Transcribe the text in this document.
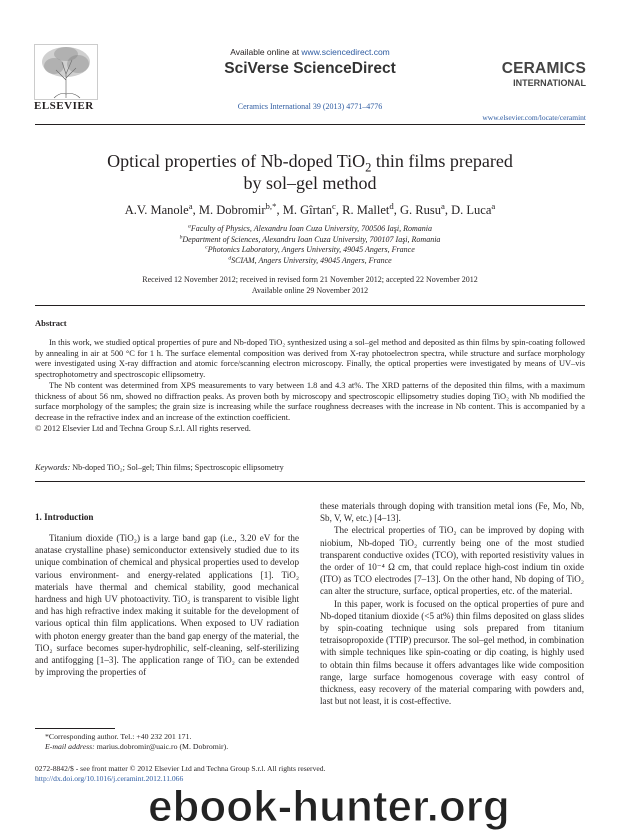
ELSEVIER
Available online at www.sciencedirect.com
SciVerse ScienceDirect
Ceramics International 39 (2013) 4771–4776
CERAMICS
INTERNATIONAL
www.elsevier.com/locate/ceramint
Optical properties of Nb-doped TiO$_2$ thin films prepared
by sol–gel method
A.V. Manole$^a$, M. Dobromir$^{b,*}$, M. Gîrtan$^c$, R. Mallet$^d$, G. Rusu$^a$, D. Luca$^a$
$^a$Faculty of Physics, Alexandru Ioan Cuza University, 700506 Iaşi, Romania
$^b$Department of Sciences, Alexandru Ioan Cuza University, 700107 Iaşi, Romania
$^c$Photonics Laboratory, Angers University, 49045 Angers, France
$^d$SCIAM, Angers University, 49045 Angers, France
Received 12 November 2012; received in revised form 21 November 2012; accepted 22 November 2012
Available online 29 November 2012
Abstract
In this work, we studied optical properties of pure and Nb-doped TiO₂ synthesized using a sol–gel method and deposited as thin films by spin-coating followed by annealing in air at 500 °C for 1 h. The surface elemental composition was derived from X-ray photoelectron spectra, while structure and surface morphology were investigated using X-ray diffraction and atomic force/scanning electron microscopy. Finally, the optical properties were investigated by means of UV–vis spectrophotometry and spectroscopic ellipsometry.
The Nb content was determined from XPS measurements to vary between 1.8 and 4.3 at%. The XRD patterns of the deposited thin films, with a maximum thickness of about 56 nm, showed no diffraction peaks. As proven both by microscopy and spectroscopic ellipsometry studies doping TiO₂ with Nb modified the surface morphology of the samples; the grain size is increasing while the surface roughness decreases with the increase in Nb content. This is accompanied by a decrease in the refractive index and an increase of the extinction coefficient.
© 2012 Elsevier Ltd and Techna Group S.r.l. All rights reserved.
Keywords: Nb-doped TiO₂; Sol–gel; Thin films; Spectroscopic ellipsometry
1. Introduction

Titanium dioxide (TiO₂) is a large band gap (i.e., 3.20 eV for the anatase crystalline phase) semiconductor extensively studied due to its unique combination of chemical and physical properties used to develop various environment- and energy-related applications [1]. TiO₂ materials have thermal and chemical stability, good mechanical hardness and high UV photoactivity. TiO₂ is transparent to visible light and has high refractive index making it suitable for the development of various optical thin film applications. When exposed to UV radiation with photon energy greater than the band gap energy of the material, the TiO₂ surface becomes super-hydrophilic, self-cleaning, self-sterilizing and antifogging [1–3]. The application range of TiO₂ can be extended by improving the properties of

*Corresponding author. Tel.: +40 232 201 171.
E-mail address: marius.dobromir@uaic.ro (M. Dobromir).

these materials through doping with transition metal ions (Fe, Mo, Nb, Sb, V, W, etc.) [4–13].

The electrical properties of TiO₂ can be improved by doping with niobium, Nb-doped TiO₂ currently being one of the most studied transparent conductive oxides (TCO), with reported resistivity values in the order of 10⁻⁴ Ω cm, that could replace high-cost indium tin oxide (ITO) as TCO electrodes [7–13]. On the other hand, Nb doping of TiO₂ can alter the structure, surface, optical properties, etc. of the material.

In this paper, work is focused on the optical properties of pure and Nb-doped titanium dioxide (<5 at%) thin films deposited on glass slides by spin-coating technique using sols prepared from titanium tetraisopropoxide (TTIP) precursor. The sol–gel method, in combination with simple techniques like spin-coating or dip coating, is highly used to obtain thin films because it offers advantages like wide composition range, large surface homogenous coverage with easy control of thickness, easy recovery of the material comparing with powders and, last but not least, it is cost-effective.

0272-8842/$ - see front matter © 2012 Elsevier Ltd and Techna Group S.r.l. All rights reserved.
http://dx.doi.org/10.1016/j.ceramint.2012.11.066
ebook-hunter.org
